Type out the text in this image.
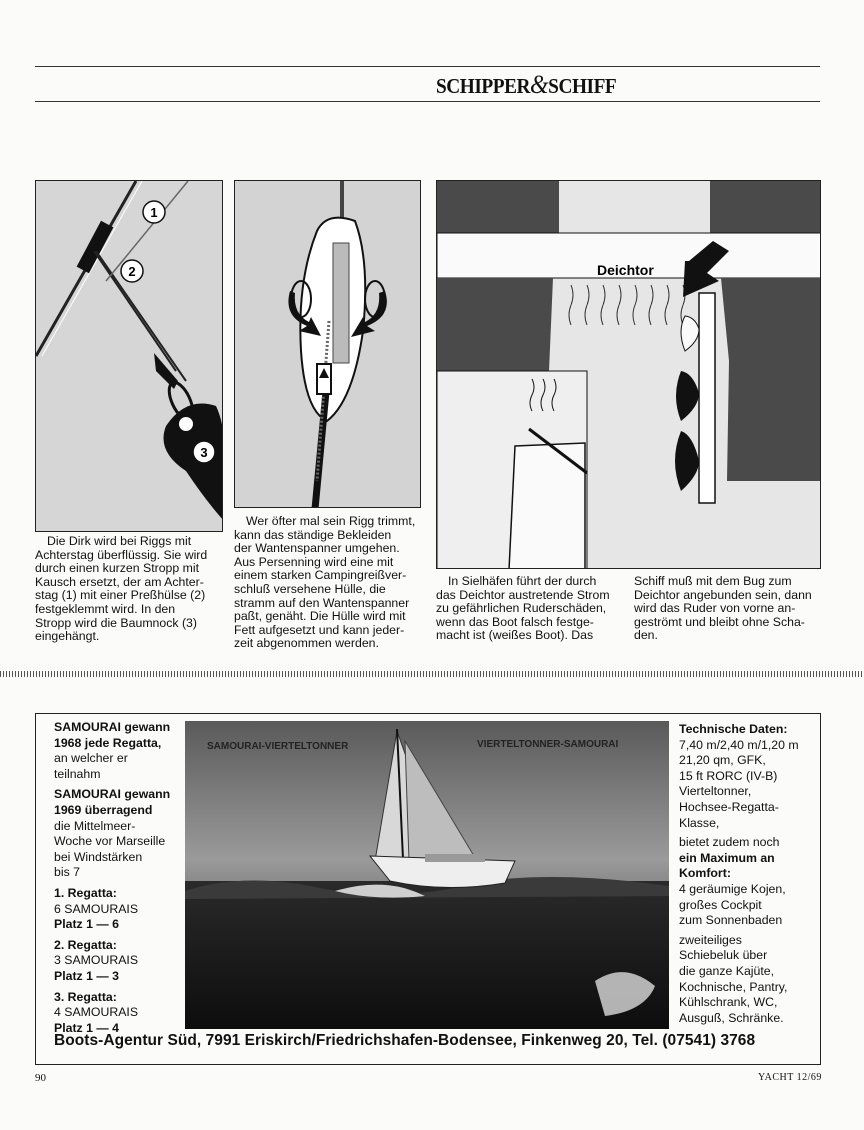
SCHIPPER&SCHIFF
1
2
3
Deichtor
Die Dirk wird bei Riggs mit
Achterstag überflüssig. Sie wird
durch einen kurzen Stropp mit
Kausch ersetzt, der am Achter-
stag (1) mit einer Preßhülse (2)
festgeklemmt wird. In den
Stropp wird die Baumnock (3)
eingehängt.
Wer öfter mal sein Rigg trimmt,
kann das ständige Bekleiden
der Wantenspanner umgehen.
Aus Persenning wird eine mit
einem starken Campingreißver-
schluß versehene Hülle, die
stramm auf den Wantenspanner
paßt, genäht. Die Hülle wird mit
Fett aufgesetzt und kann jeder-
zeit abgenommen werden.
In Sielhäfen führt der durch
das Deichtor austretende Strom
zu gefährlichen Ruderschäden,
wenn das Boot falsch festge-
macht ist (weißes Boot). Das
Schiff muß mit dem Bug zum
Deichtor angebunden sein, dann
wird das Ruder von vorne an-
geströmt und bleibt ohne Scha-
den.
SAMOURAI gewann
1968 jede Regatta,
an welcher er
teilnahm
SAMOURAI gewann
1969 überragend
die Mittelmeer-
Woche vor Marseille
bei Windstärken
bis 7
1. Regatta:
6 SAMOURAIS
Platz 1 — 6
2. Regatta:
3 SAMOURAIS
Platz 1 — 3
3. Regatta:
4 SAMOURAIS
Platz 1 — 4
SAMOURAI-VIERTELTONNER	VIERTELTONNER-SAMOURAI
Technische Daten:
7,40 m/2,40 m/1,20 m
21,20 qm, GFK,
15 ft RORC (IV-B)
Vierteltonner,
Hochsee-Regatta-
Klasse,
bietet zudem noch
ein Maximum an
Komfort:
4 geräumige Kojen,
großes Cockpit
zum Sonnenbaden
zweiteiliges
Schiebeluk über
die ganze Kajüte,
Kochnische, Pantry,
Kühlschrank, WC,
Ausguß, Schränke.
Boots-Agentur Süd, 7991 Eriskirch/Friedrichshafen-Bodensee, Finkenweg 20, Tel. (07541) 3768
90	YACHT 12/69
